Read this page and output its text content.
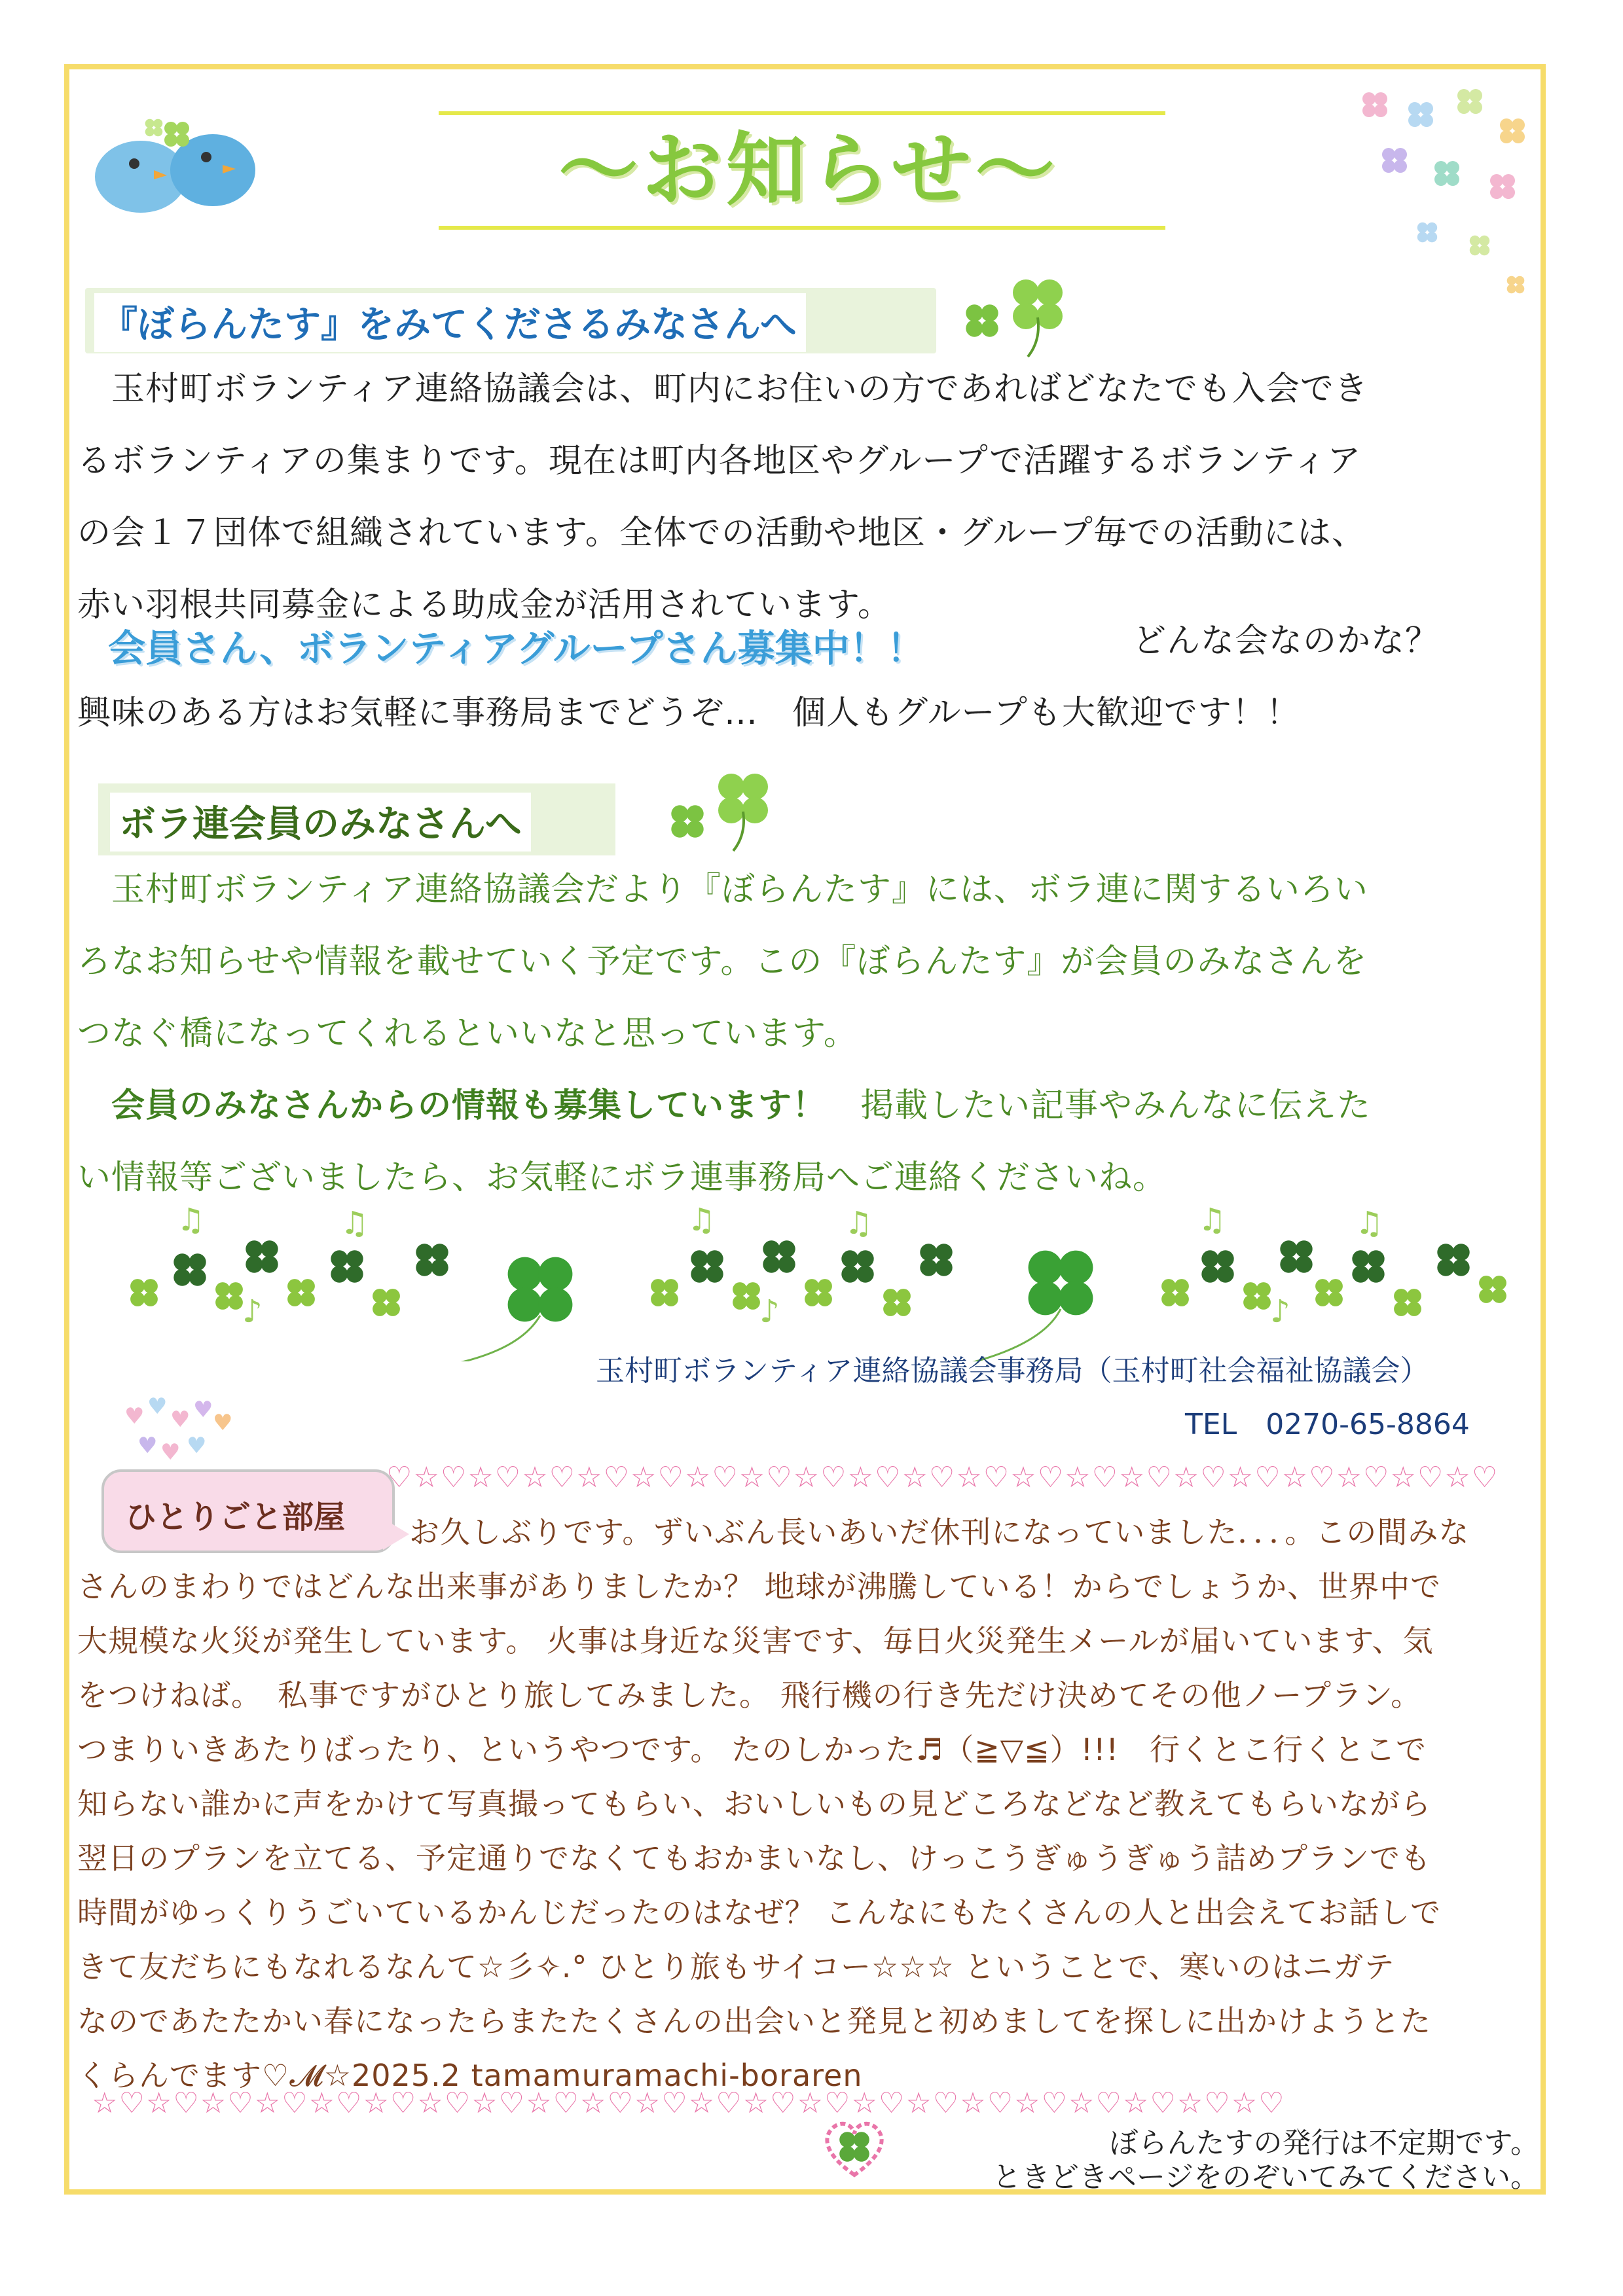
〜お知らせ〜
『ぼらんたす』をみてくださるみなさんへ
　玉村町ボランティア連絡協議会は、町内にお住いの方であればどなたでも入会でき
るボランティアの集まりです。現在は町内各地区やグループで活躍するボランティア
の会１７団体で組織されています。全体での活動や地区・グループ毎での活動には、
赤い羽根共同募金による助成金が活用されています。
会員さん、ボランティアグループさん募集中！！	どんな会なのかな？
興味のある方はお気軽に事務局までどうぞ…　個人もグループも大歓迎です！！
ボラ連会員のみなさんへ
　玉村町ボランティア連絡協議会だより『ぼらんたす』には、ボラ連に関するいろい
ろなお知らせや情報を載せていく予定です。この『ぼらんたす』が会員のみなさんを
つなぐ橋になってくれるといいなと思っています。
　会員のみなさんからの情報も募集しています！　掲載したい記事やみんなに伝えた
い情報等ございましたら、お気軽にボラ連事務局へご連絡くださいね。
♫	♫
♪
♫	♫
♪
♫	♫
♪
玉村町ボランティア連絡協議会事務局（玉村町社会福祉協議会）
TEL　0270-65-8864
♥ ♥ ♥ ♥ ♥
♥ ♥ ♥
ひとりごと部屋
♡☆♡☆♡☆♡☆♡☆♡☆♡☆♡☆♡☆♡☆♡☆♡☆♡☆♡☆♡☆♡☆♡☆♡☆♡☆♡☆♡
お久しぶりです。ずいぶん長いあいだ休刊になっていました．．．。この間みな
さんのまわりではどんな出来事がありましたか？ 地球が沸騰している！からでしょうか、世界中で
大規模な火災が発生しています。 火事は身近な災害です、毎日火災発生メールが届いています、気
をつけねば。　私事ですがひとり旅してみました。 飛行機の行き先だけ決めてその他ノープラン。
つまりいきあたりばったり、というやつです。 たのしかった♬（≧▽≦）!!!　行くとこ行くとこで
知らない誰かに声をかけて写真撮ってもらい、おいしいもの見どころなどなど教えてもらいながら
翌日のプランを立てる、予定通りでなくてもおかまいなし、けっこうぎゅうぎゅう詰めプランでも
時間がゆっくりうごいているかんじだったのはなぜ？ こんなにもたくさんの人と出会えてお話しで
きて友だちにもなれるなんて☆彡✧.° ひとり旅もサイコー☆☆☆ ということで、寒いのはニガテ
なのであたたかい春になったらまたたくさんの出会いと発見と初めましてを探しに出かけようとた
くらんでます♡𝓜☆2025.2 tamamuramachi-boraren
☆♡☆♡☆♡☆♡☆♡☆♡☆♡☆♡☆♡☆♡☆♡☆♡☆♡☆♡☆♡☆♡☆♡☆♡☆♡☆♡☆♡☆♡
ぼらんたすの発行は不定期です。
ときどきページをのぞいてみてください。
